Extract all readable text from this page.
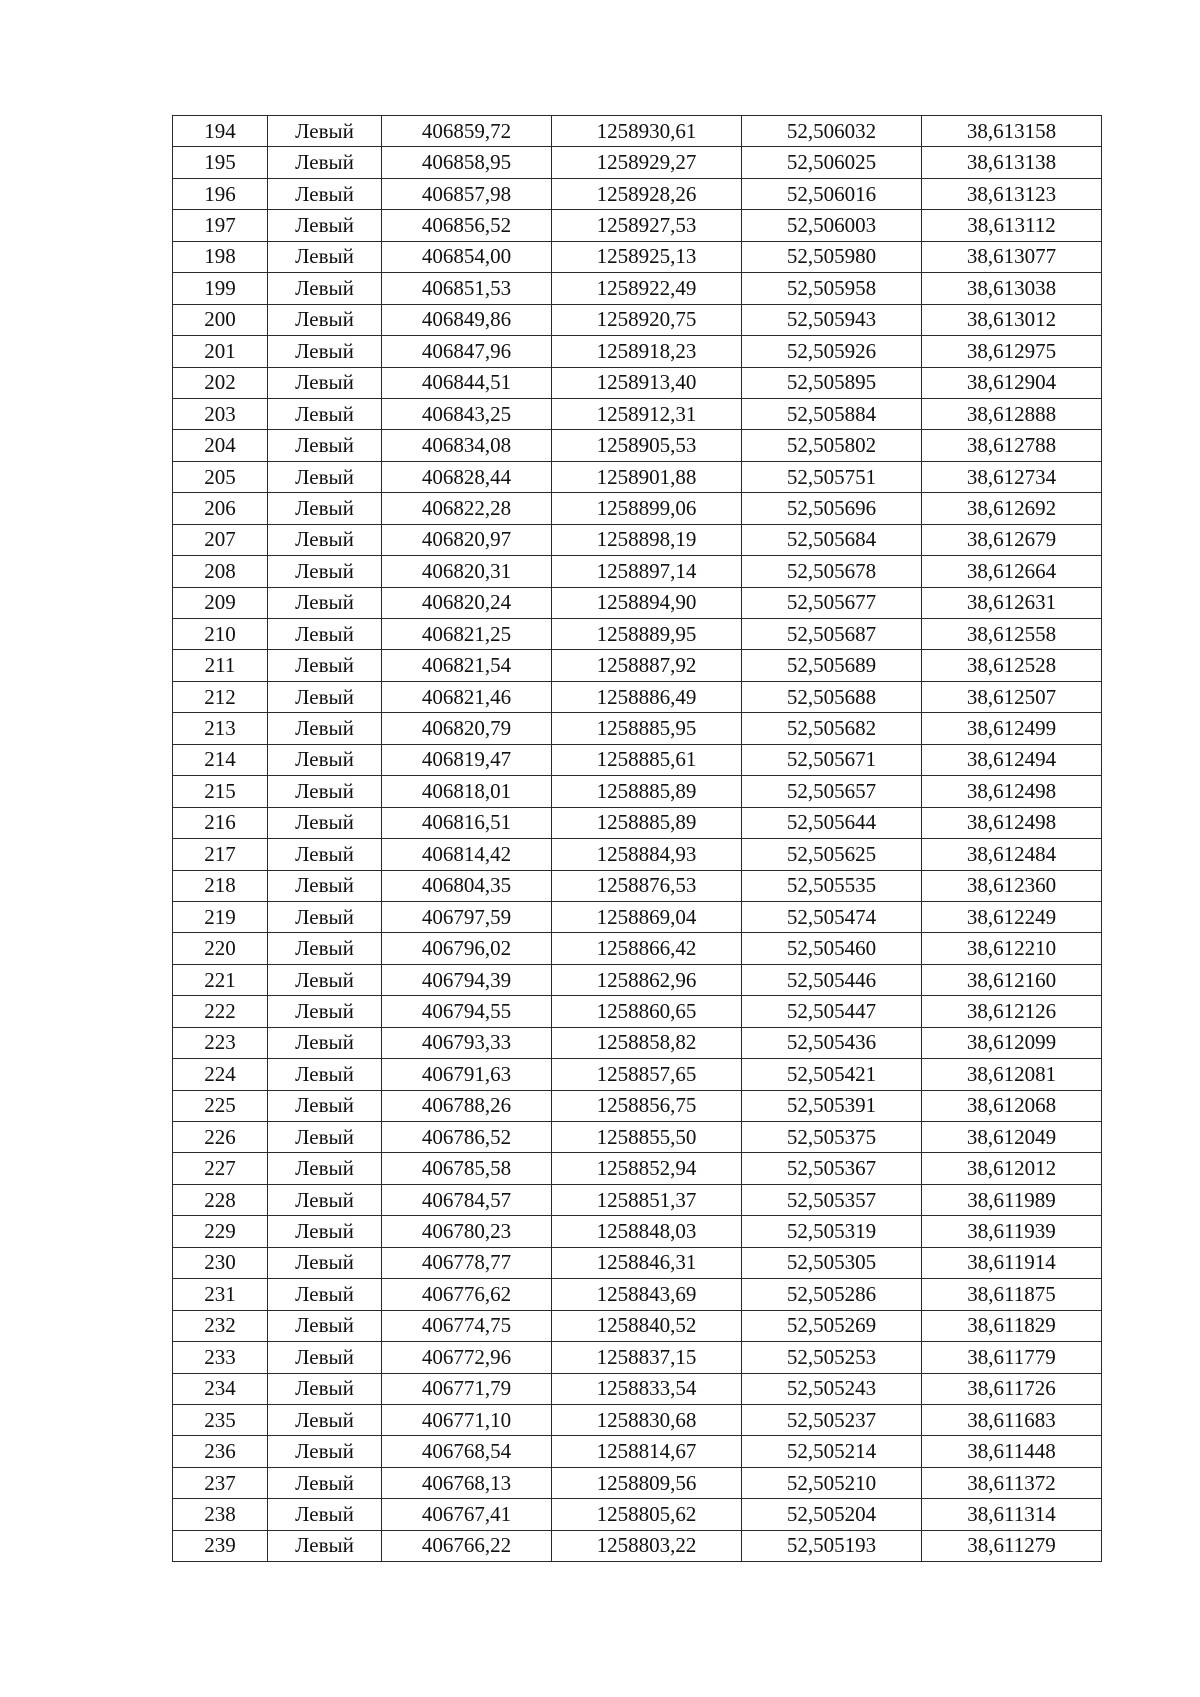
194	Левый	406859,72	1258930,61	52,506032	38,613158
195	Левый	406858,95	1258929,27	52,506025	38,613138
196	Левый	406857,98	1258928,26	52,506016	38,613123
197	Левый	406856,52	1258927,53	52,506003	38,613112
198	Левый	406854,00	1258925,13	52,505980	38,613077
199	Левый	406851,53	1258922,49	52,505958	38,613038
200	Левый	406849,86	1258920,75	52,505943	38,613012
201	Левый	406847,96	1258918,23	52,505926	38,612975
202	Левый	406844,51	1258913,40	52,505895	38,612904
203	Левый	406843,25	1258912,31	52,505884	38,612888
204	Левый	406834,08	1258905,53	52,505802	38,612788
205	Левый	406828,44	1258901,88	52,505751	38,612734
206	Левый	406822,28	1258899,06	52,505696	38,612692
207	Левый	406820,97	1258898,19	52,505684	38,612679
208	Левый	406820,31	1258897,14	52,505678	38,612664
209	Левый	406820,24	1258894,90	52,505677	38,612631
210	Левый	406821,25	1258889,95	52,505687	38,612558
211	Левый	406821,54	1258887,92	52,505689	38,612528
212	Левый	406821,46	1258886,49	52,505688	38,612507
213	Левый	406820,79	1258885,95	52,505682	38,612499
214	Левый	406819,47	1258885,61	52,505671	38,612494
215	Левый	406818,01	1258885,89	52,505657	38,612498
216	Левый	406816,51	1258885,89	52,505644	38,612498
217	Левый	406814,42	1258884,93	52,505625	38,612484
218	Левый	406804,35	1258876,53	52,505535	38,612360
219	Левый	406797,59	1258869,04	52,505474	38,612249
220	Левый	406796,02	1258866,42	52,505460	38,612210
221	Левый	406794,39	1258862,96	52,505446	38,612160
222	Левый	406794,55	1258860,65	52,505447	38,612126
223	Левый	406793,33	1258858,82	52,505436	38,612099
224	Левый	406791,63	1258857,65	52,505421	38,612081
225	Левый	406788,26	1258856,75	52,505391	38,612068
226	Левый	406786,52	1258855,50	52,505375	38,612049
227	Левый	406785,58	1258852,94	52,505367	38,612012
228	Левый	406784,57	1258851,37	52,505357	38,611989
229	Левый	406780,23	1258848,03	52,505319	38,611939
230	Левый	406778,77	1258846,31	52,505305	38,611914
231	Левый	406776,62	1258843,69	52,505286	38,611875
232	Левый	406774,75	1258840,52	52,505269	38,611829
233	Левый	406772,96	1258837,15	52,505253	38,611779
234	Левый	406771,79	1258833,54	52,505243	38,611726
235	Левый	406771,10	1258830,68	52,505237	38,611683
236	Левый	406768,54	1258814,67	52,505214	38,611448
237	Левый	406768,13	1258809,56	52,505210	38,611372
238	Левый	406767,41	1258805,62	52,505204	38,611314
239	Левый	406766,22	1258803,22	52,505193	38,611279
